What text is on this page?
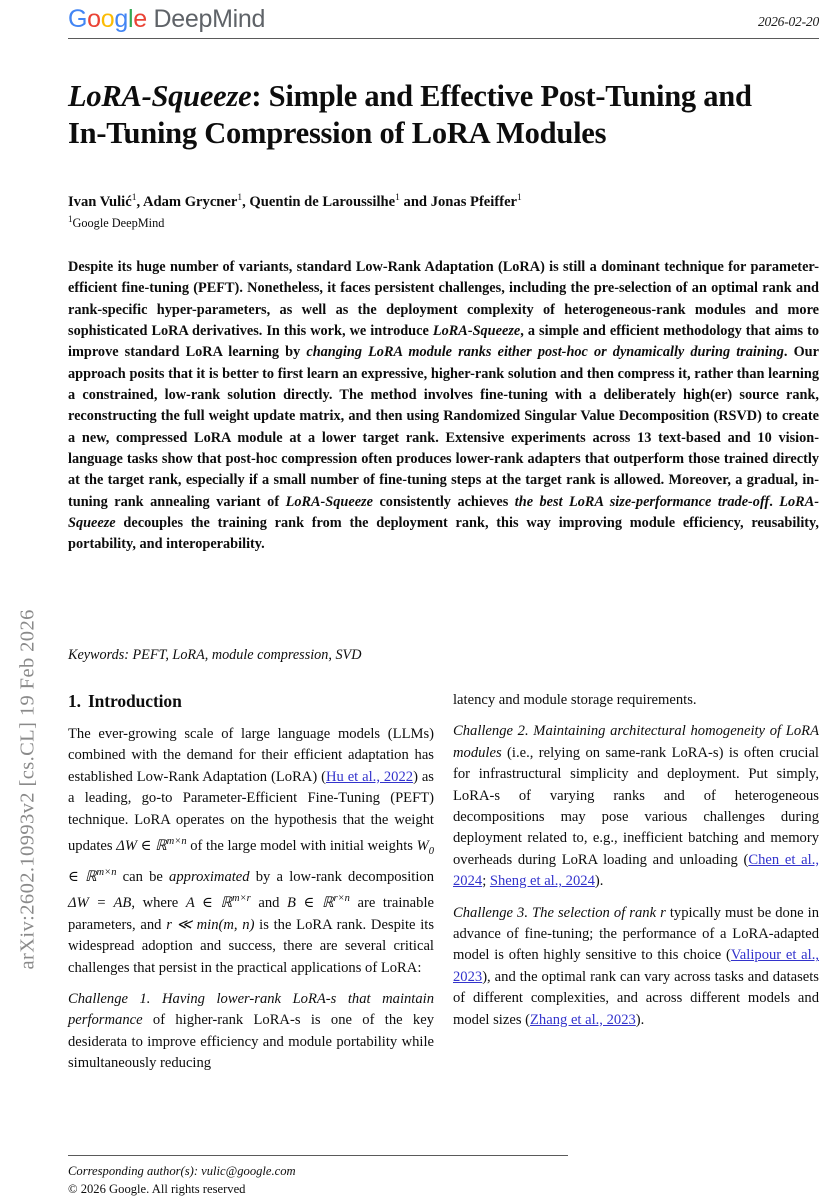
arXiv:2602.10993v2 [cs.CL] 19 Feb 2026
Google DeepMind	2026-02-20
LoRA-Squeeze: Simple and Effective Post-Tuning and In-Tuning Compression of LoRA Modules
Ivan Vulić$^1$, Adam Grycner$^1$, Quentin de Laroussilhe$^1$ and Jonas Pfeiffer$^1$
$^1$Google DeepMind
Despite its huge number of variants, standard Low-Rank Adaptation (LoRA) is still a dominant technique for parameter-efficient fine-tuning (PEFT). Nonetheless, it faces persistent challenges, including the pre-selection of an optimal rank and rank-specific hyper-parameters, as well as the deployment complexity of heterogeneous-rank modules and more sophisticated LoRA derivatives. In this work, we introduce LoRA-Squeeze, a simple and efficient methodology that aims to improve standard LoRA learning by changing LoRA module ranks either post-hoc or dynamically during training. Our approach posits that it is better to first learn an expressive, higher-rank solution and then compress it, rather than learning a constrained, low-rank solution directly. The method involves fine-tuning with a deliberately high(er) source rank, reconstructing the full weight update matrix, and then using Randomized Singular Value Decomposition (RSVD) to create a new, compressed LoRA module at a lower target rank. Extensive experiments across 13 text-based and 10 vision-language tasks show that post-hoc compression often produces lower-rank adapters that outperform those trained directly at the target rank, especially if a small number of fine-tuning steps at the target rank is allowed. Moreover, a gradual, in-tuning rank annealing variant of LoRA-Squeeze consistently achieves the best LoRA size-performance trade-off. LoRA-Squeeze decouples the training rank from the deployment rank, this way improving module efficiency, reusability, portability, and interoperability.
Keywords: PEFT, LoRA, module compression, SVD
1. Introduction

The ever-growing scale of large language models (LLMs) combined with the demand for their efficient adaptation has established Low-Rank Adaptation (LoRA) (Hu et al., 2022) as a leading, go-to Parameter-Efficient Fine-Tuning (PEFT) technique. LoRA operates on the hypothesis that the weight updates ΔW ∈ ℝ$^{m\times n}$ of the large model with initial weights $W_0$ ∈ ℝ$^{m\times n}$ can be approximated by a low-rank decomposition ΔW = AB, where A ∈ ℝ$^{m\times r}$ and B ∈ ℝ$^{r\times n}$ are trainable parameters, and r ≪ min(m, n) is the LoRA rank. Despite its widespread adoption and success, there are several critical challenges that persist in the practical applications of LoRA:

Challenge 1. Having lower-rank LoRA-s that maintain performance of higher-rank LoRA-s is one of the key desiderata to improve efficiency and module portability while simultaneously reducing

latency and module storage requirements.

Challenge 2. Maintaining architectural homogeneity of LoRA modules (i.e., relying on same-rank LoRA-s) is often crucial for infrastructural simplicity and deployment. Put simply, LoRA-s of varying ranks and of heterogeneous decompositions may pose various challenges during deployment related to, e.g., inefficient batching and memory overheads during LoRA loading and unloading (Chen et al., 2024; Sheng et al., 2024).

Challenge 3. The selection of rank r typically must be done in advance of fine-tuning; the performance of a LoRA-adapted model is often highly sensitive to this choice (Valipour et al., 2023), and the optimal rank can vary across tasks and datasets of different complexities, and across different models and model sizes (Zhang et al., 2023).

Corresponding author(s): vulic@google.com
© 2026 Google. All rights reserved
